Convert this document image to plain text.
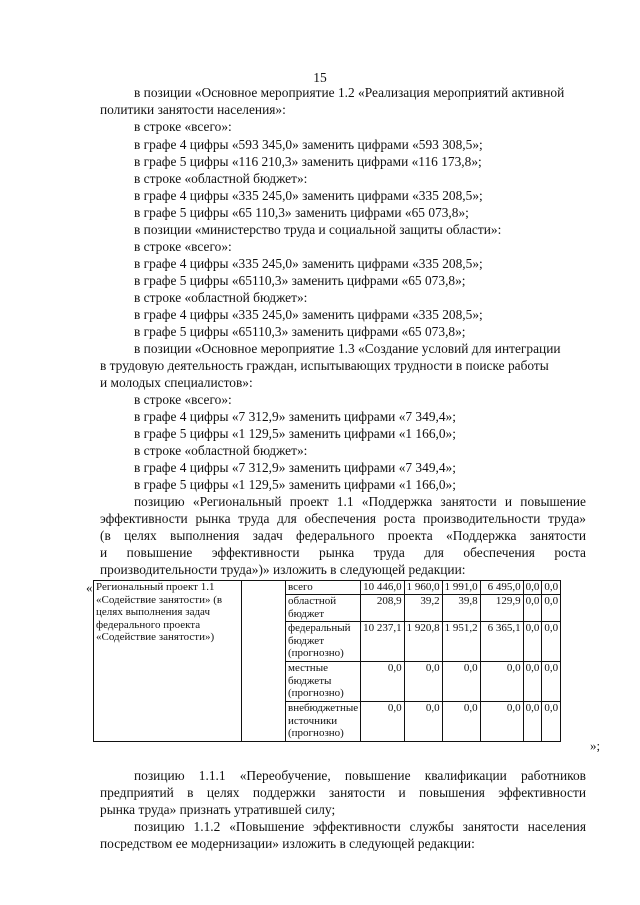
15
в позиции «Основное мероприятие 1.2 «Реализация мероприятий активной
политики занятости населения»:
в строке «всего»:
в графе 4 цифры «593 345,0» заменить цифрами «593 308,5»;
в графе 5 цифры «116 210,3» заменить цифрами «116 173,8»;
в строке «областной бюджет»:
в графе 4 цифры «335 245,0» заменить цифрами «335 208,5»;
в графе 5 цифры «65 110,3» заменить цифрами «65 073,8»;
в позиции «министерство труда и социальной защиты области»:
в строке «всего»:
в графе 4 цифры «335 245,0» заменить цифрами «335 208,5»;
в графе 5 цифры «65110,3» заменить цифрами «65 073,8»;
в строке «областной бюджет»:
в графе 4 цифры «335 245,0» заменить цифрами «335 208,5»;
в графе 5 цифры «65110,3» заменить цифрами «65 073,8»;
в позиции «Основное мероприятие 1.3 «Создание условий для интеграции
в трудовую деятельность граждан, испытывающих трудности в поиске работы
и молодых специалистов»:
в строке «всего»:
в графе 4 цифры «7 312,9» заменить цифрами «7 349,4»;
в графе 5 цифры «1 129,5» заменить цифрами «1 166,0»;
в строке «областной бюджет»:
в графе 4 цифры «7 312,9» заменить цифрами «7 349,4»;
в графе 5 цифры «1 129,5» заменить цифрами «1 166,0»;
позицию «Региональный проект 1.1 «Поддержка занятости и повышение
эффективности рынка труда для обеспечения роста производительности труда»
(в целях выполнения задач федерального проекта «Поддержка занятости
и повышение эффективности рынка труда для обеспечения роста
производительности труда»)» изложить в следующей редакции:
« Региональный проект 1.1 «Содействие занятости» (в целях выполнения задач федерального проекта «Содействие занятости»)		всего	10 446,0	1 960,0	1 991,0	6 495,0	0,0	0,0
		областной бюджет	208,9	39,2	39,8	129,9	0,0	0,0
		федеральный бюджет (прогнозно)	10 237,1	1 920,8	1 951,2	6 365,1	0,0	0,0
		местные бюджеты (прогнозно)	0,0	0,0	0,0	0,0	0,0	0,0
		внебюджетные источники (прогнозно)	0,0	0,0	0,0	0,0	0,0	0,0
»;
позицию 1.1.1 «Переобучение, повышение квалификации работников
предприятий в целях поддержки занятости и повышения эффективности
рынка труда» признать утратившей силу;
позицию 1.1.2 «Повышение эффективности службы занятости населения
посредством ее модернизации» изложить в следующей редакции:
